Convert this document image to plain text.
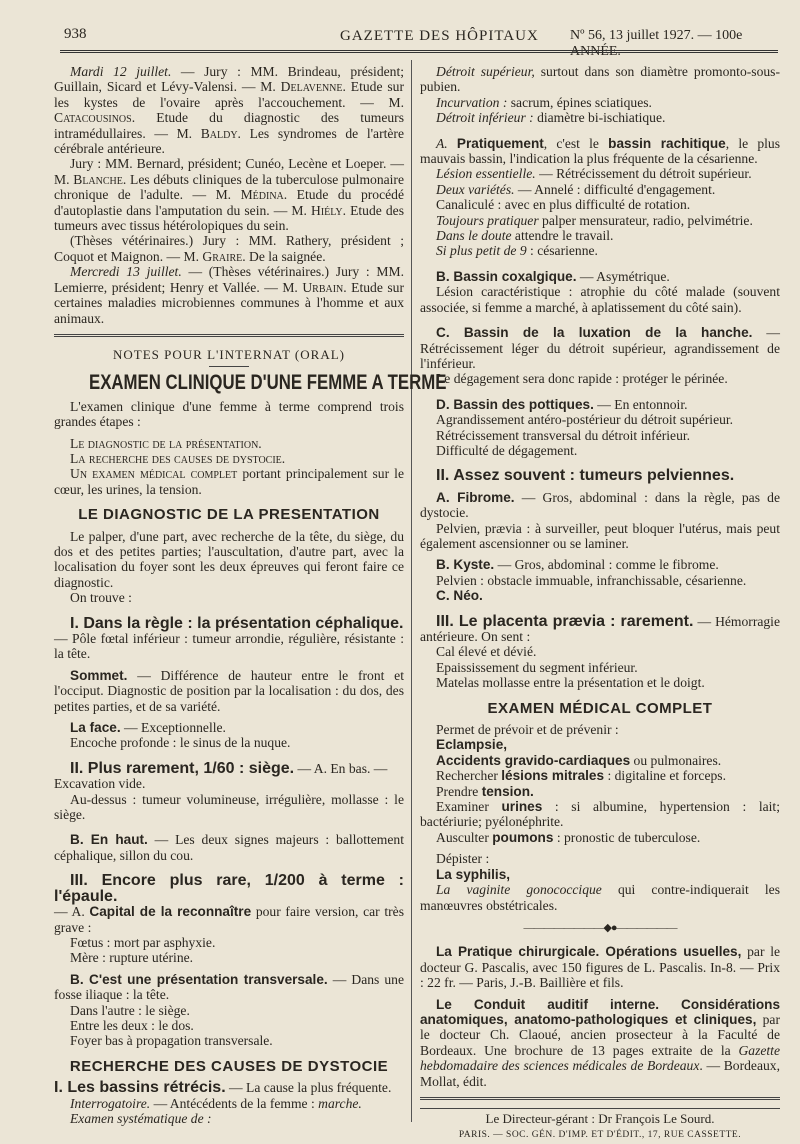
938	GAZETTE DES HÔPITAUX Nº 56, 13 juillet 1927. — 100e ANNÉE.

Mardi 12 juillet. — Jury : MM. Brindeau, président; Guillain, Sicard et Lévy-Valensi. — M. Delavenne. Etude sur les kystes de l'ovaire après l'accouchement. — M. Catacousinos. Etude du diagnostic des tumeurs intramédullaires. — M. Baldy. Les syndromes de l'artère cérébrale antérieure.

Jury : MM. Bernard, président; Cunéo, Lecène et Loeper. — M. Blanche. Les débuts cliniques de la tuberculose pulmonaire chronique de l'adulte. — M. Médina. Etude du procédé d'autoplastie dans l'amputation du sein. — M. Hiély. Etude des tumeurs avec tissus hétérolopiques du sein.

(Thèses vétérinaires.) Jury : MM. Rathery, président ; Coquot et Maignon. — M. Graire. De la saignée.

Mercredi 13 juillet. — (Thèses vétérinaires.) Jury : MM. Lemierre, président; Henry et Vallée. — M. Urbain. Etude sur certaines maladies microbiennes communes à l'homme et aux animaux.

NOTES POUR L'INTERNAT (ORAL)
EXAMEN CLINIQUE D'UNE FEMME A TERME

L'examen clinique d'une femme à terme comprend trois grandes étapes :

Le diagnostic de la présentation.

La recherche des causes de dystocie.

Un examen médical complet portant principalement sur le cœur, les urines, la tension.

LE DIAGNOSTIC DE LA PRESENTATION

Le palper, d'une part, avec recherche de la tête, du siège, du dos et des petites parties; l'auscultation, d'autre part, avec la localisation du foyer sont les deux épreuves qui feront faire ce diagnostic.

On trouve :

I. Dans la règle : la présentation céphalique.

— Pôle fœtal inférieur : tumeur arrondie, régulière, résistante : la tête.

Sommet. — Différence de hauteur entre le front et l'occiput. Diagnostic de position par la localisation : du dos, des petites parties, et de sa variété.

La face. — Exceptionnelle.

Encoche profonde : le sinus de la nuque.

II. Plus rarement, 1/60 : siège. — A. En bas. —

Excavation vide.

Au-dessus : tumeur volumineuse, irrégulière, mollasse : le siège.

B. En haut. — Les deux signes majeurs : ballottement céphalique, sillon du cou.

III. Encore plus rare, 1/200 à terme : l'épaule.

— A. Capital de la reconnaître pour faire version, car très grave :

Fœtus : mort par asphyxie.

Mère : rupture utérine.

B. C'est une présentation transversale. — Dans une fosse iliaque : la tête.

Dans l'autre : le siège.

Entre les deux : le dos.

Foyer bas à propagation transversale.

RECHERCHE DES CAUSES DE DYSTOCIE

I. Les bassins rétrécis. — La cause la plus fréquente.

Interrogatoire. — Antécédents de la femme : marche.

Examen systématique de :

Détroit supérieur, surtout dans son diamètre promonto-sous-pubien.

Incurvation : sacrum, épines sciatiques.

Détroit inférieur : diamètre bi-ischiatique.

A. Pratiquement, c'est le bassin rachitique, le plus mauvais bassin, l'indication la plus fréquente de la césarienne.

Lésion essentielle. — Rétrécissement du détroit supérieur.

Deux variétés. — Annelé : difficulté d'engagement.

Canaliculé : avec en plus difficulté de rotation.

Toujours pratiquer palper mensurateur, radio, pelvimétrie.

Dans le doute attendre le travail.

Si plus petit de 9 : césarienne.

B. Bassin coxalgique. — Asymétrique.

Lésion caractéristique : atrophie du côté malade (souvent associée, si femme a marché, à aplatissement du côté sain).

C. Bassin de la luxation de la hanche. — Rétrécissement léger du détroit supérieur, agrandissement de l'inférieur.

Le dégagement sera donc rapide : protéger le périnée.

D. Bassin des pottiques. — En entonnoir.

Agrandissement antéro-postérieur du détroit supérieur.

Rétrécissement transversal du détroit inférieur.

Difficulté de dégagement.

II. Assez souvent : tumeurs pelviennes.

A. Fibrome. — Gros, abdominal : dans la règle, pas de dystocie.

Pelvien, prævia : à surveiller, peut bloquer l'utérus, mais peut également ascensionner ou se laminer.

B. Kyste. — Gros, abdominal : comme le fibrome.

Pelvien : obstacle immuable, infranchissable, césarienne.

C. Néo.

III. Le placenta prævia : rarement. — Hémorragie antérieure. On sent :

Cal élevé et dévié.

Epaississement du segment inférieur.

Matelas mollasse entre la présentation et le doigt.

EXAMEN MÉDICAL COMPLET

Permet de prévoir et de prévenir :

Eclampsie,

Accidents gravido-cardiaques ou pulmonaires.

Rechercher lésions mitrales : digitaline et forceps.

Prendre tension.

Examiner urines : si albumine, hypertension : lait; bactériurie; pyélonéphrite.

Ausculter poumons : pronostic de tuberculose.

Dépister :

La syphilis,

La vaginite gonococcique qui contre-indiquerait les manœuvres obstétricales.

————————◆●——————

La Pratique chirurgicale. Opérations usuelles, par le docteur G. Pascalis, avec 150 figures de L. Pascalis. In-8. — Prix : 22 fr. — Paris, J.-B. Baillière et fils.

Le Conduit auditif interne. Considérations anatomiques, anatomo-pathologiques et cliniques, par le docteur Ch. Claoué, ancien prosecteur à la Faculté de Bordeaux. Une brochure de 13 pages extraite de la Gazette hebdomadaire des sciences médicales de Bordeaux. — Bordeaux, Mollat, édit.

Le Directeur-gérant : Dr François Le Sourd.
PARIS. — SOC. GÉN. D'IMP. ET D'ÉDIT., 17, RUE CASSETTE.
